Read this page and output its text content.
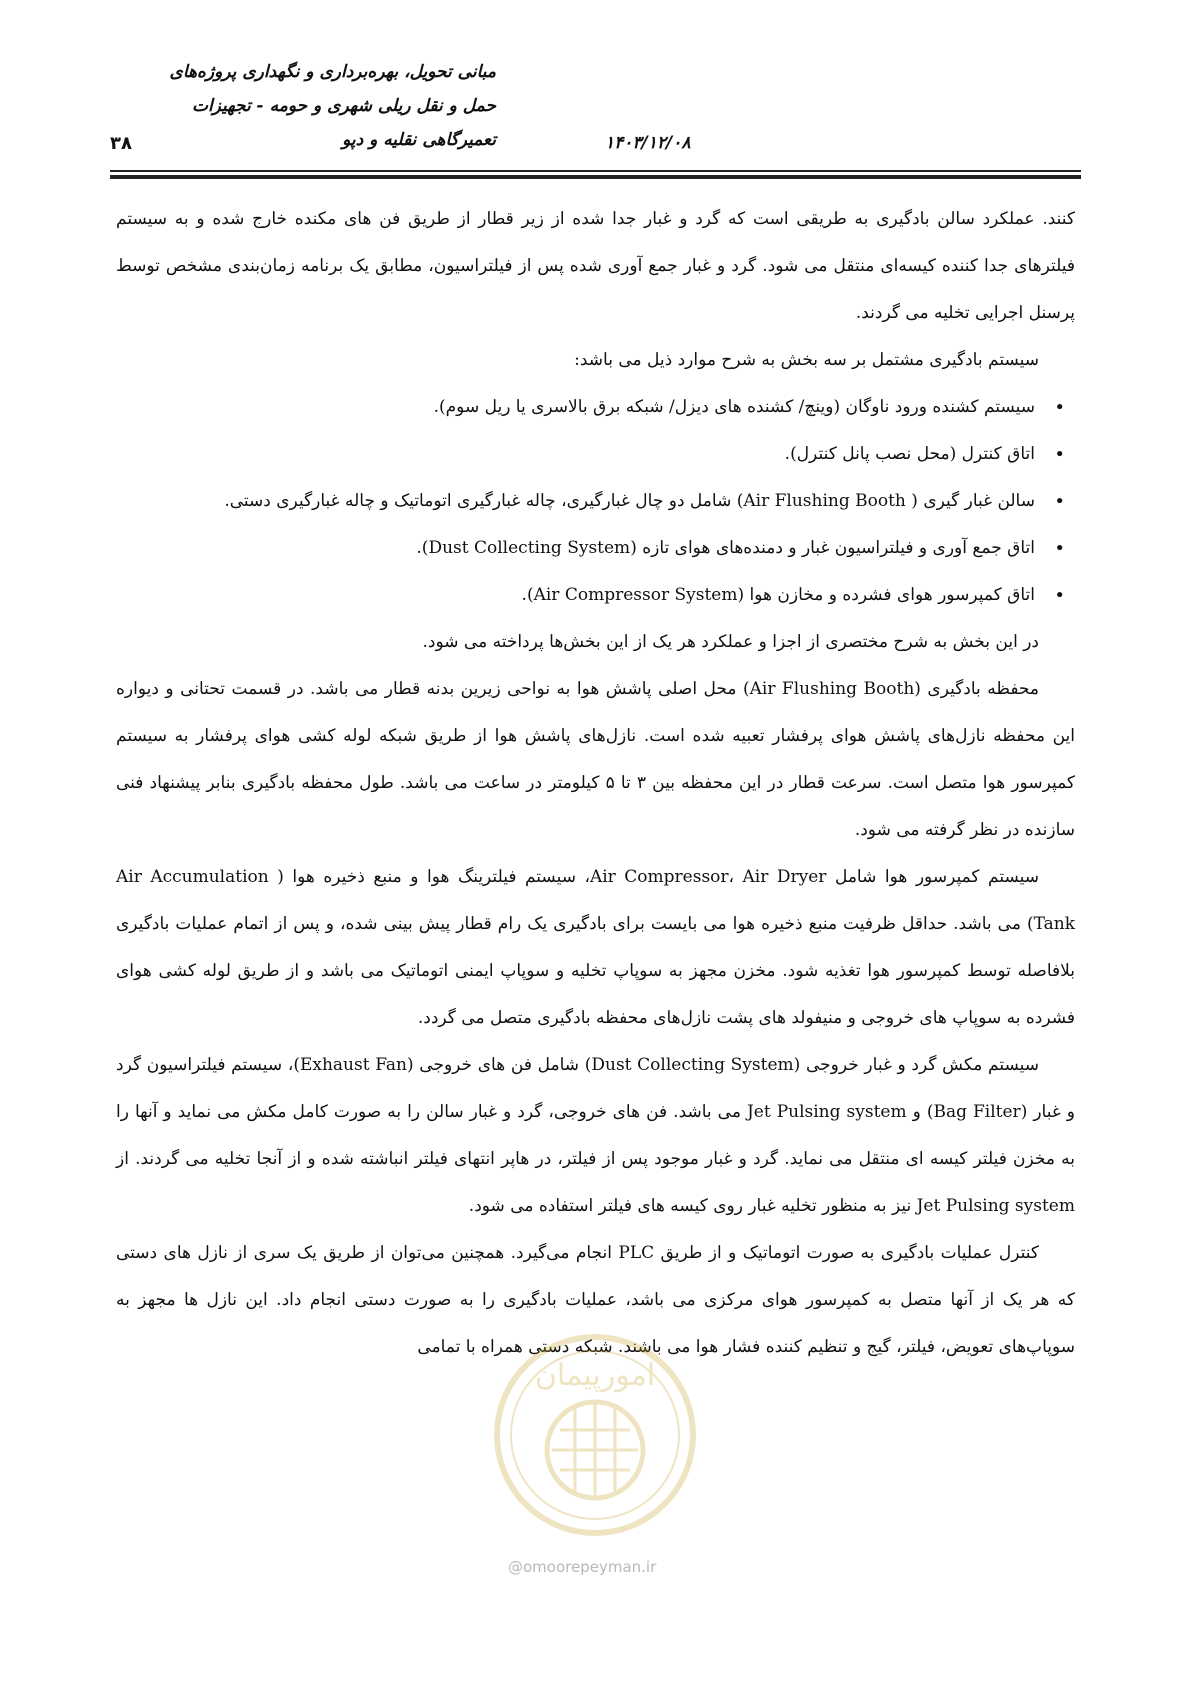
مبانی تحویل، بهره‌برداری و نگهداری پروژه‌های
حمل و نقل ریلی شهری و حومه - تجهیزات
تعمیرگاهی نقلیه و دپو	۱۴۰۳/۱۲/۰۸
۳۸

کنند. عملکرد سالن بادگیری به طریقی است که گرد و غبار جدا شده از زیر قطار از طریق فن های مکنده خارج شده و به سیستم فیلترهای جدا کننده کیسه‌ای منتقل می شود. گرد و غبار جمع آوری شده پس از فیلتراسیون، مطابق یک برنامه زمان‌بندی مشخص توسط پرسنل اجرایی تخلیه می گردند.

سیستم بادگیری مشتمل بر سه بخش به شرح موارد ذیل می باشد:

• سیستم کشنده ورود ناوگان (وینچ/ کشنده های دیزل/ شبکه برق بالاسری یا ریل سوم).
• اتاق کنترل (محل نصب پانل کنترل).
• سالن غبار گیری ( Air Flushing Booth) شامل دو چال غبارگیری، چاله غبارگیری اتوماتیک و چاله غبارگیری دستی.
• اتاق جمع آوری و فیلتراسیون غبار و دمنده‌های هوای تازه (Dust Collecting System).
• اتاق کمپرسور هوای فشرده و مخازن هوا (Air Compressor System).

در این بخش به شرح مختصری از اجزا و عملکرد هر یک از این بخش‌ها پرداخته می شود.

محفظه بادگیری (Air Flushing Booth) محل اصلی پاشش هوا به نواحی زیرین بدنه قطار می باشد. در قسمت تحتانی و دیواره این محفظه نازل‌های پاشش هوای پرفشار تعبیه شده است. نازل‌های پاشش هوا از طریق شبکه لوله کشی هوای پرفشار به سیستم کمپرسور هوا متصل است. سرعت قطار در این محفظه بین ۳ تا ۵ کیلومتر در ساعت می باشد. طول محفظه بادگیری بنابر پیشنهاد فنی سازنده در نظر گرفته می شود.

سیستم کمپرسور هوا شامل Air Compressor، Air Dryer، سیستم فیلترینگ هوا و منبع ذخیره هوا ( Air Accumulation Tank) می باشد. حداقل ظرفیت منبع ذخیره هوا می بایست برای بادگیری یک رام قطار پیش بینی شده، و پس از اتمام عملیات بادگیری بلافاصله توسط کمپرسور هوا تغذیه شود. مخزن مجهز به سوپاپ تخلیه و سوپاپ ایمنی اتوماتیک می باشد و از طریق لوله کشی هوای فشرده به سوپاپ های خروجی و منیفولد های پشت نازل‌های محفظه بادگیری متصل می گردد.

سیستم مکش گرد و غبار خروجی (Dust Collecting System) شامل فن های خروجی (Exhaust Fan)، سیستم فیلتراسیون گرد و غبار (Bag Filter) و Jet Pulsing system می باشد. فن های خروجی، گرد و غبار سالن را به صورت کامل مکش می نماید و آنها را به مخزن فیلتر کیسه ای منتقل می نماید. گرد و غبار موجود پس از فیلتر، در هاپر انتهای فیلتر انباشته شده و از آنجا تخلیه می گردند. از Jet Pulsing system نیز به منظور تخلیه غبار روی کیسه های فیلتر استفاده می شود.

کنترل عملیات بادگیری به صورت اتوماتیک و از طریق PLC انجام می‌گیرد. همچنین می‌توان از طریق یک سری از نازل های دستی که هر یک از آنها متصل به کمپرسور هوای مرکزی می باشد، عملیات بادگیری را به صورت دستی انجام داد. این نازل ها مجهز به سوپاپ‌های تعویض، فیلتر، گیج و تنظیم کننده فشار هوا می باشند. شبکه دستی همراه با تمامی

امورپیمان
@omoorepeyman.ir
